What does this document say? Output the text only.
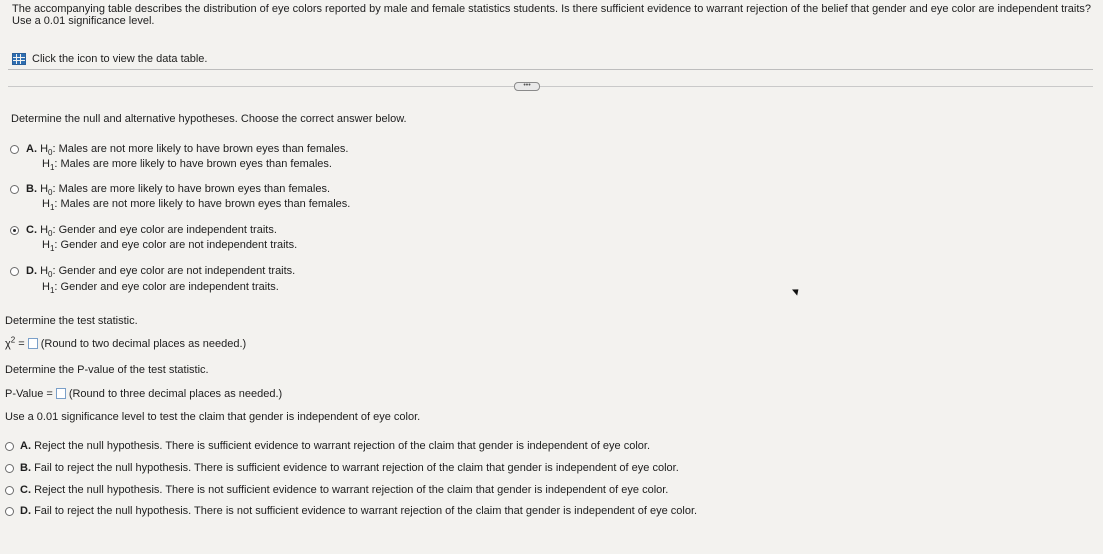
The accompanying table describes the distribution of eye colors reported by male and female statistics students. Is there sufficient evidence to warrant rejection of the belief that gender and eye color are independent traits? Use a 0.01 significance level.
Click the icon to view the data table.
•••
Determine the null and alternative hypotheses. Choose the correct answer below.
A. $H_0$: Males are not more likely to have brown eyes than females.
$H_1$: Males are more likely to have brown eyes than females.
B. $H_0$: Males are more likely to have brown eyes than females.
$H_1$: Males are not more likely to have brown eyes than females.
C. $H_0$: Gender and eye color are independent traits.
$H_1$: Gender and eye color are not independent traits.
D. $H_0$: Gender and eye color are not independent traits.
$H_1$: Gender and eye color are independent traits.
Determine the test statistic.
$\chi^2$ = (Round to two decimal places as needed.)
Determine the P-value of the test statistic.
P-Value = (Round to three decimal places as needed.)
Use a 0.01 significance level to test the claim that gender is independent of eye color.
A. Reject the null hypothesis. There is sufficient evidence to warrant rejection of the claim that gender is independent of eye color.
B. Fail to reject the null hypothesis. There is sufficient evidence to warrant rejection of the claim that gender is independent of eye color.
C. Reject the null hypothesis. There is not sufficient evidence to warrant rejection of the claim that gender is independent of eye color.
D. Fail to reject the null hypothesis. There is not sufficient evidence to warrant rejection of the claim that gender is independent of eye color.
